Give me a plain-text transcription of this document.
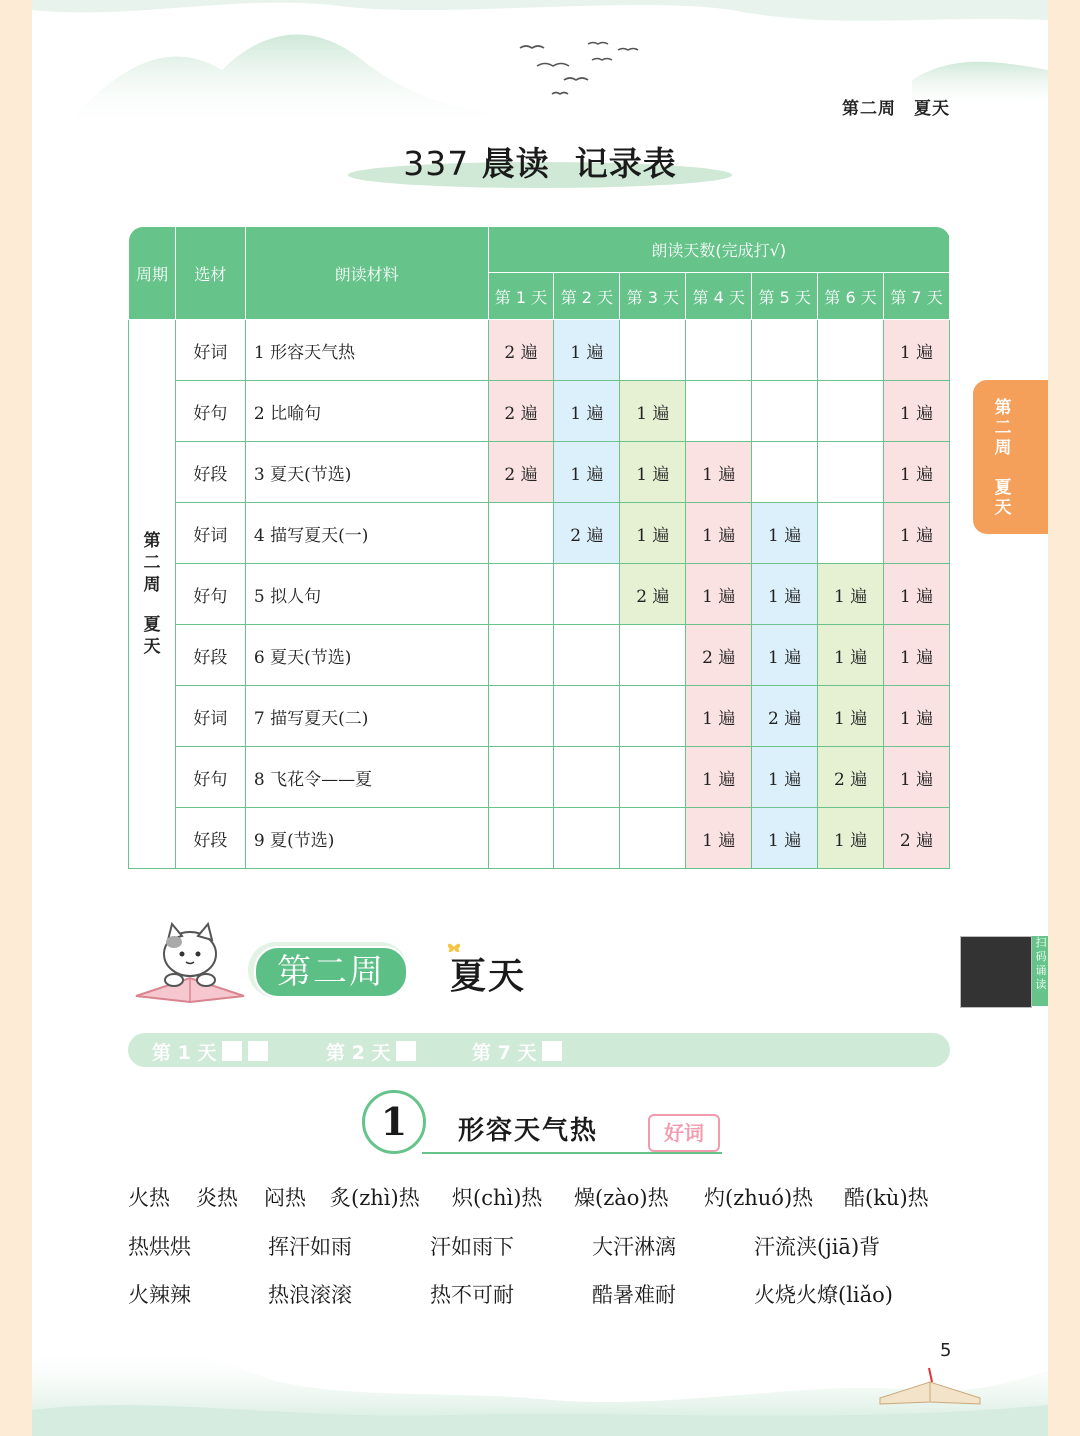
第二周 夏天
337 晨读  记录表
第二周
夏天
周期	选材	朗读材料	朗读天数(完成打√)						
			第 1 天	第 2 天	第 3 天	第 4 天	第 5 天	第 6 天	第 7 天

第
二
周
夏
天	好词	1 形容天气热	2 遍	1 遍					1 遍
	好句	2 比喻句	2 遍	1 遍	1 遍				1 遍
	好段	3 夏天(节选)	2 遍	1 遍	1 遍	1 遍			1 遍
	好词	4 描写夏天(一)		2 遍	1 遍	1 遍	1 遍		1 遍
	好句	5 拟人句			2 遍	1 遍	1 遍	1 遍	1 遍
	好段	6 夏天(节选)				2 遍	1 遍	1 遍	1 遍
	好词	7 描写夏天(二)				1 遍	2 遍	1 遍	1 遍
	好句	8 飞花令——夏				1 遍	1 遍	2 遍	1 遍
	好段	9 夏(节选)				1 遍	1 遍	1 遍	2 遍
第二周	夏天
扫码诵读
第 1 天	第 2 天	第 7 天
1	形容天气热	好词
火热 炎热 闷热 炙(zhì)热 炽(chì)热 燥(zào)热 灼(zhuó)热 酷(kù)热
热烘烘	挥汗如雨	汗如雨下	大汗淋漓	汗流浃(jiā)背
火辣辣	热浪滚滚	热不可耐	酷暑难耐	火烧火燎(liǎo)
5
